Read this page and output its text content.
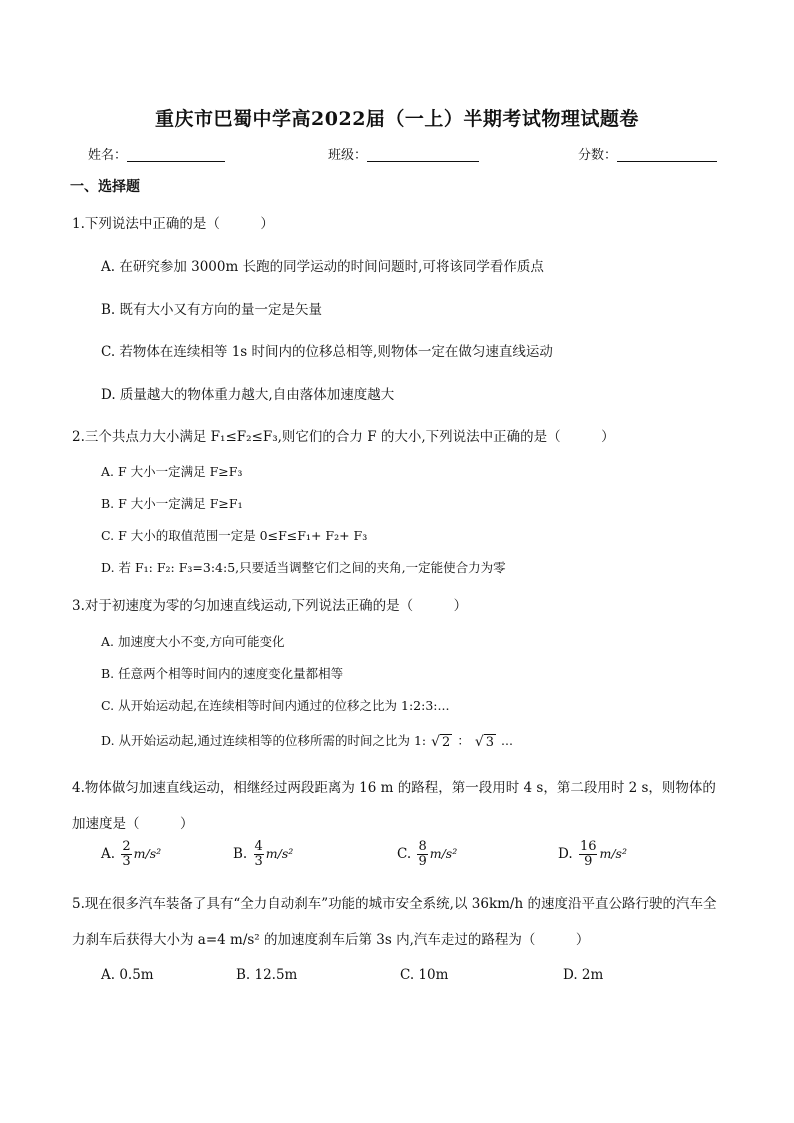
重庆市巴蜀中学高2022届（一上）半期考试物理试题卷
姓名：	班级：	分数：
一、选择题
1.下列说法中正确的是（　　　）
A. 在研究参加 3000m 长跑的同学运动的时间问题时,可将该同学看作质点
B. 既有大小又有方向的量一定是矢量
C. 若物体在连续相等 1s 时间内的位移总相等,则物体一定在做匀速直线运动
D. 质量越大的物体重力越大,自由落体加速度越大
2.三个共点力大小满足 F₁≤F₂≤F₃,则它们的合力 F 的大小,下列说法中正确的是（　　　）
A. F 大小一定满足 F≥F₃
B. F 大小一定满足 F≥F₁
C. F 大小的取值范围一定是 0≤F≤F₁+ F₂+ F₃
D. 若 F₁: F₂: F₃=3:4:5,只要适当调整它们之间的夹角,一定能使合力为零
3.对于初速度为零的匀加速直线运动,下列说法正确的是（　　　）
A. 加速度大小不变,方向可能变化
B. 任意两个相等时间内的速度变化量都相等
C. 从开始运动起,在连续相等时间内通过的位移之比为 1:2:3:...
D. 从开始运动起,通过连续相等的位移所需的时间之比为 1: √ 2 ： √ 3 ...
4.物体做匀加速直线运动，相继经过两段距离为 16 m 的路程，第一段用时 4 s，第二段用时 2 s，则物体的
加速度是（　　　）
A. $\frac{2}{3} m/s^2$	B. $\frac{4}{3} m/s^2$	C. $\frac{8}{9} m/s^2$	D. $\frac{16}{9} m/s^2$
5.现在很多汽车装备了具有“全力自动刹车”功能的城市安全系统,以 36km/h 的速度沿平直公路行驶的汽车全
力刹车后获得大小为 a=4 m/s² 的加速度刹车后第 3s 内,汽车走过的路程为（　　　）
A. 0.5m	B. 12.5m	C. 10m	D. 2m
